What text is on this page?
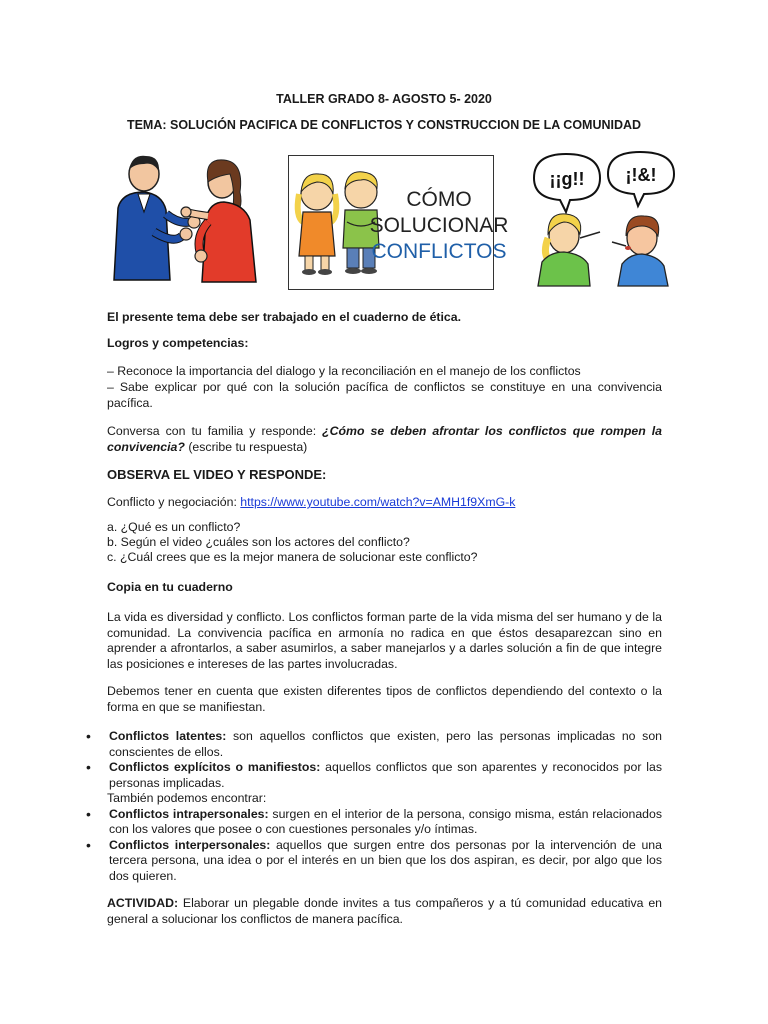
TALLER GRADO 8- AGOSTO 5- 2020
TEMA: SOLUCIÓN PACIFICA DE CONFLICTOS Y CONSTRUCCION DE LA COMUNIDAD
CÓMO
SOLUCIONAR
CONFLICTOS
¡¡g!! ¡!&!
El presente tema debe ser trabajado en el cuaderno de ética.
Logros y competencias:
– Reconoce la importancia del dialogo y la reconciliación en el manejo de los conflictos
– Sabe explicar por qué con la solución pacífica de conflictos se constituye en una convivencia pacífica.
Conversa con tu familia y responde: ¿Cómo se deben afrontar los conflictos que rompen la convivencia? (escribe tu respuesta)
OBSERVA EL VIDEO Y RESPONDE:
Conflicto y negociación: https://www.youtube.com/watch?v=AMH1f9XmG-k
a. ¿Qué es un conflicto?
b. Según el video ¿cuáles son los actores del conflicto?
c. ¿Cuál crees que es la mejor manera de solucionar este conflicto?
Copia en tu cuaderno
La vida es diversidad y conflicto. Los conflictos forman parte de la vida misma del ser humano y de la comunidad. La convivencia pacífica en armonía no radica en que éstos desaparezcan sino en aprender a afrontarlos, a saber asumirlos, a saber manejarlos y a darles solución a fin de que integre las posiciones e intereses de las partes involucradas.
Debemos tener en cuenta que existen diferentes tipos de conflictos dependiendo del contexto o la forma en que se manifiestan.
•	Conflictos latentes: son aquellos conflictos que existen, pero las personas implicadas no son conscientes de ellos.
•	Conflictos explícitos o manifiestos: aquellos conflictos que son aparentes y reconocidos por las personas implicadas.
También podemos encontrar:
•	Conflictos intrapersonales: surgen en el interior de la persona, consigo misma, están relacionados con los valores que posee o con cuestiones personales y/o íntimas.
•	Conflictos interpersonales: aquellos que surgen entre dos personas por la intervención de una tercera persona, una idea o por el interés en un bien que los dos aspiran, es decir, por algo que los dos quieren.
ACTIVIDAD: Elaborar un plegable donde invites a tus compañeros y a tú comunidad educativa en general a solucionar los conflictos de manera pacífica.
